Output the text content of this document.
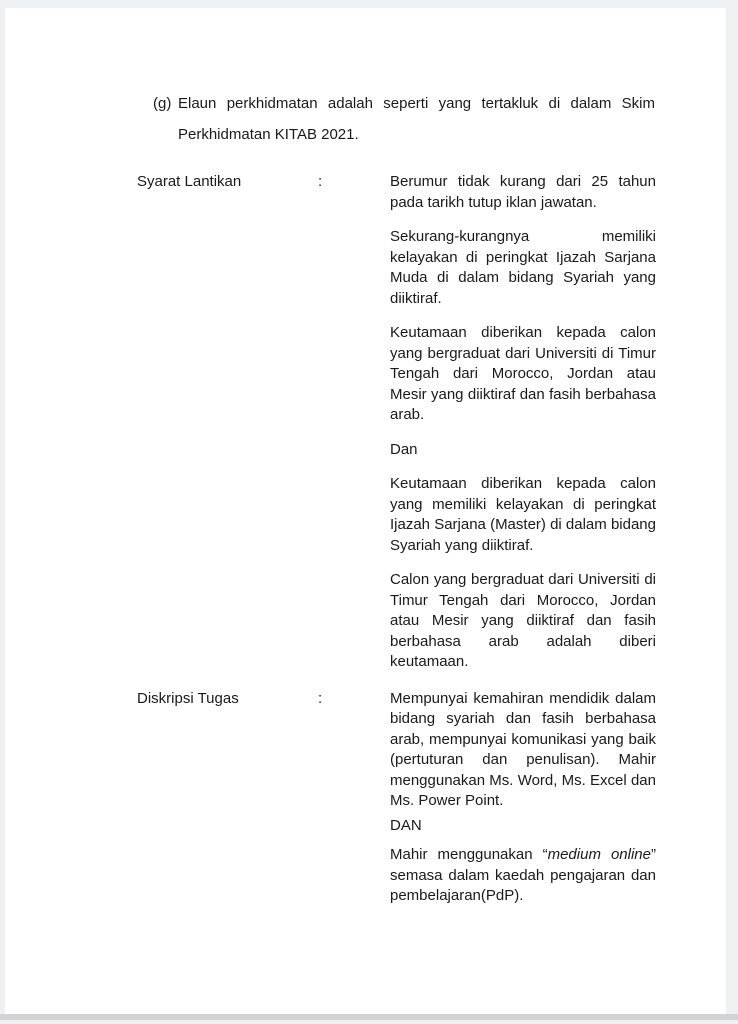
(g) Elaun perkhidmatan adalah seperti yang tertakluk di dalam Skim Perkhidmatan KITAB 2021.
Syarat Lantikan	:	Berumur tidak kurang dari 25 tahun pada tarikh tutup iklan jawatan.

Sekurang-kurangnya memiliki kelayakan di peringkat Ijazah Sarjana Muda di dalam bidang Syariah yang diiktiraf.

Keutamaan diberikan kepada calon yang bergraduat dari Universiti di Timur Tengah dari Morocco, Jordan atau Mesir yang diiktiraf dan fasih berbahasa arab.

Dan

Keutamaan diberikan kepada calon yang memiliki kelayakan di peringkat Ijazah Sarjana (Master) di dalam bidang Syariah yang diiktiraf.

Calon yang bergraduat dari Universiti di Timur Tengah dari Morocco, Jordan atau Mesir yang diiktiraf dan fasih berbahasa arab adalah diberi keutamaan.

Diskripsi Tugas	:	Mempunyai kemahiran mendidik dalam bidang syariah dan fasih berbahasa arab, mempunyai komunikasi yang baik (pertuturan dan penulisan). Mahir menggunakan Ms. Word, Ms. Excel dan Ms. Power Point.

DAN

Mahir menggunakan “medium online” semasa dalam kaedah pengajaran dan pembelajaran(PdP).
